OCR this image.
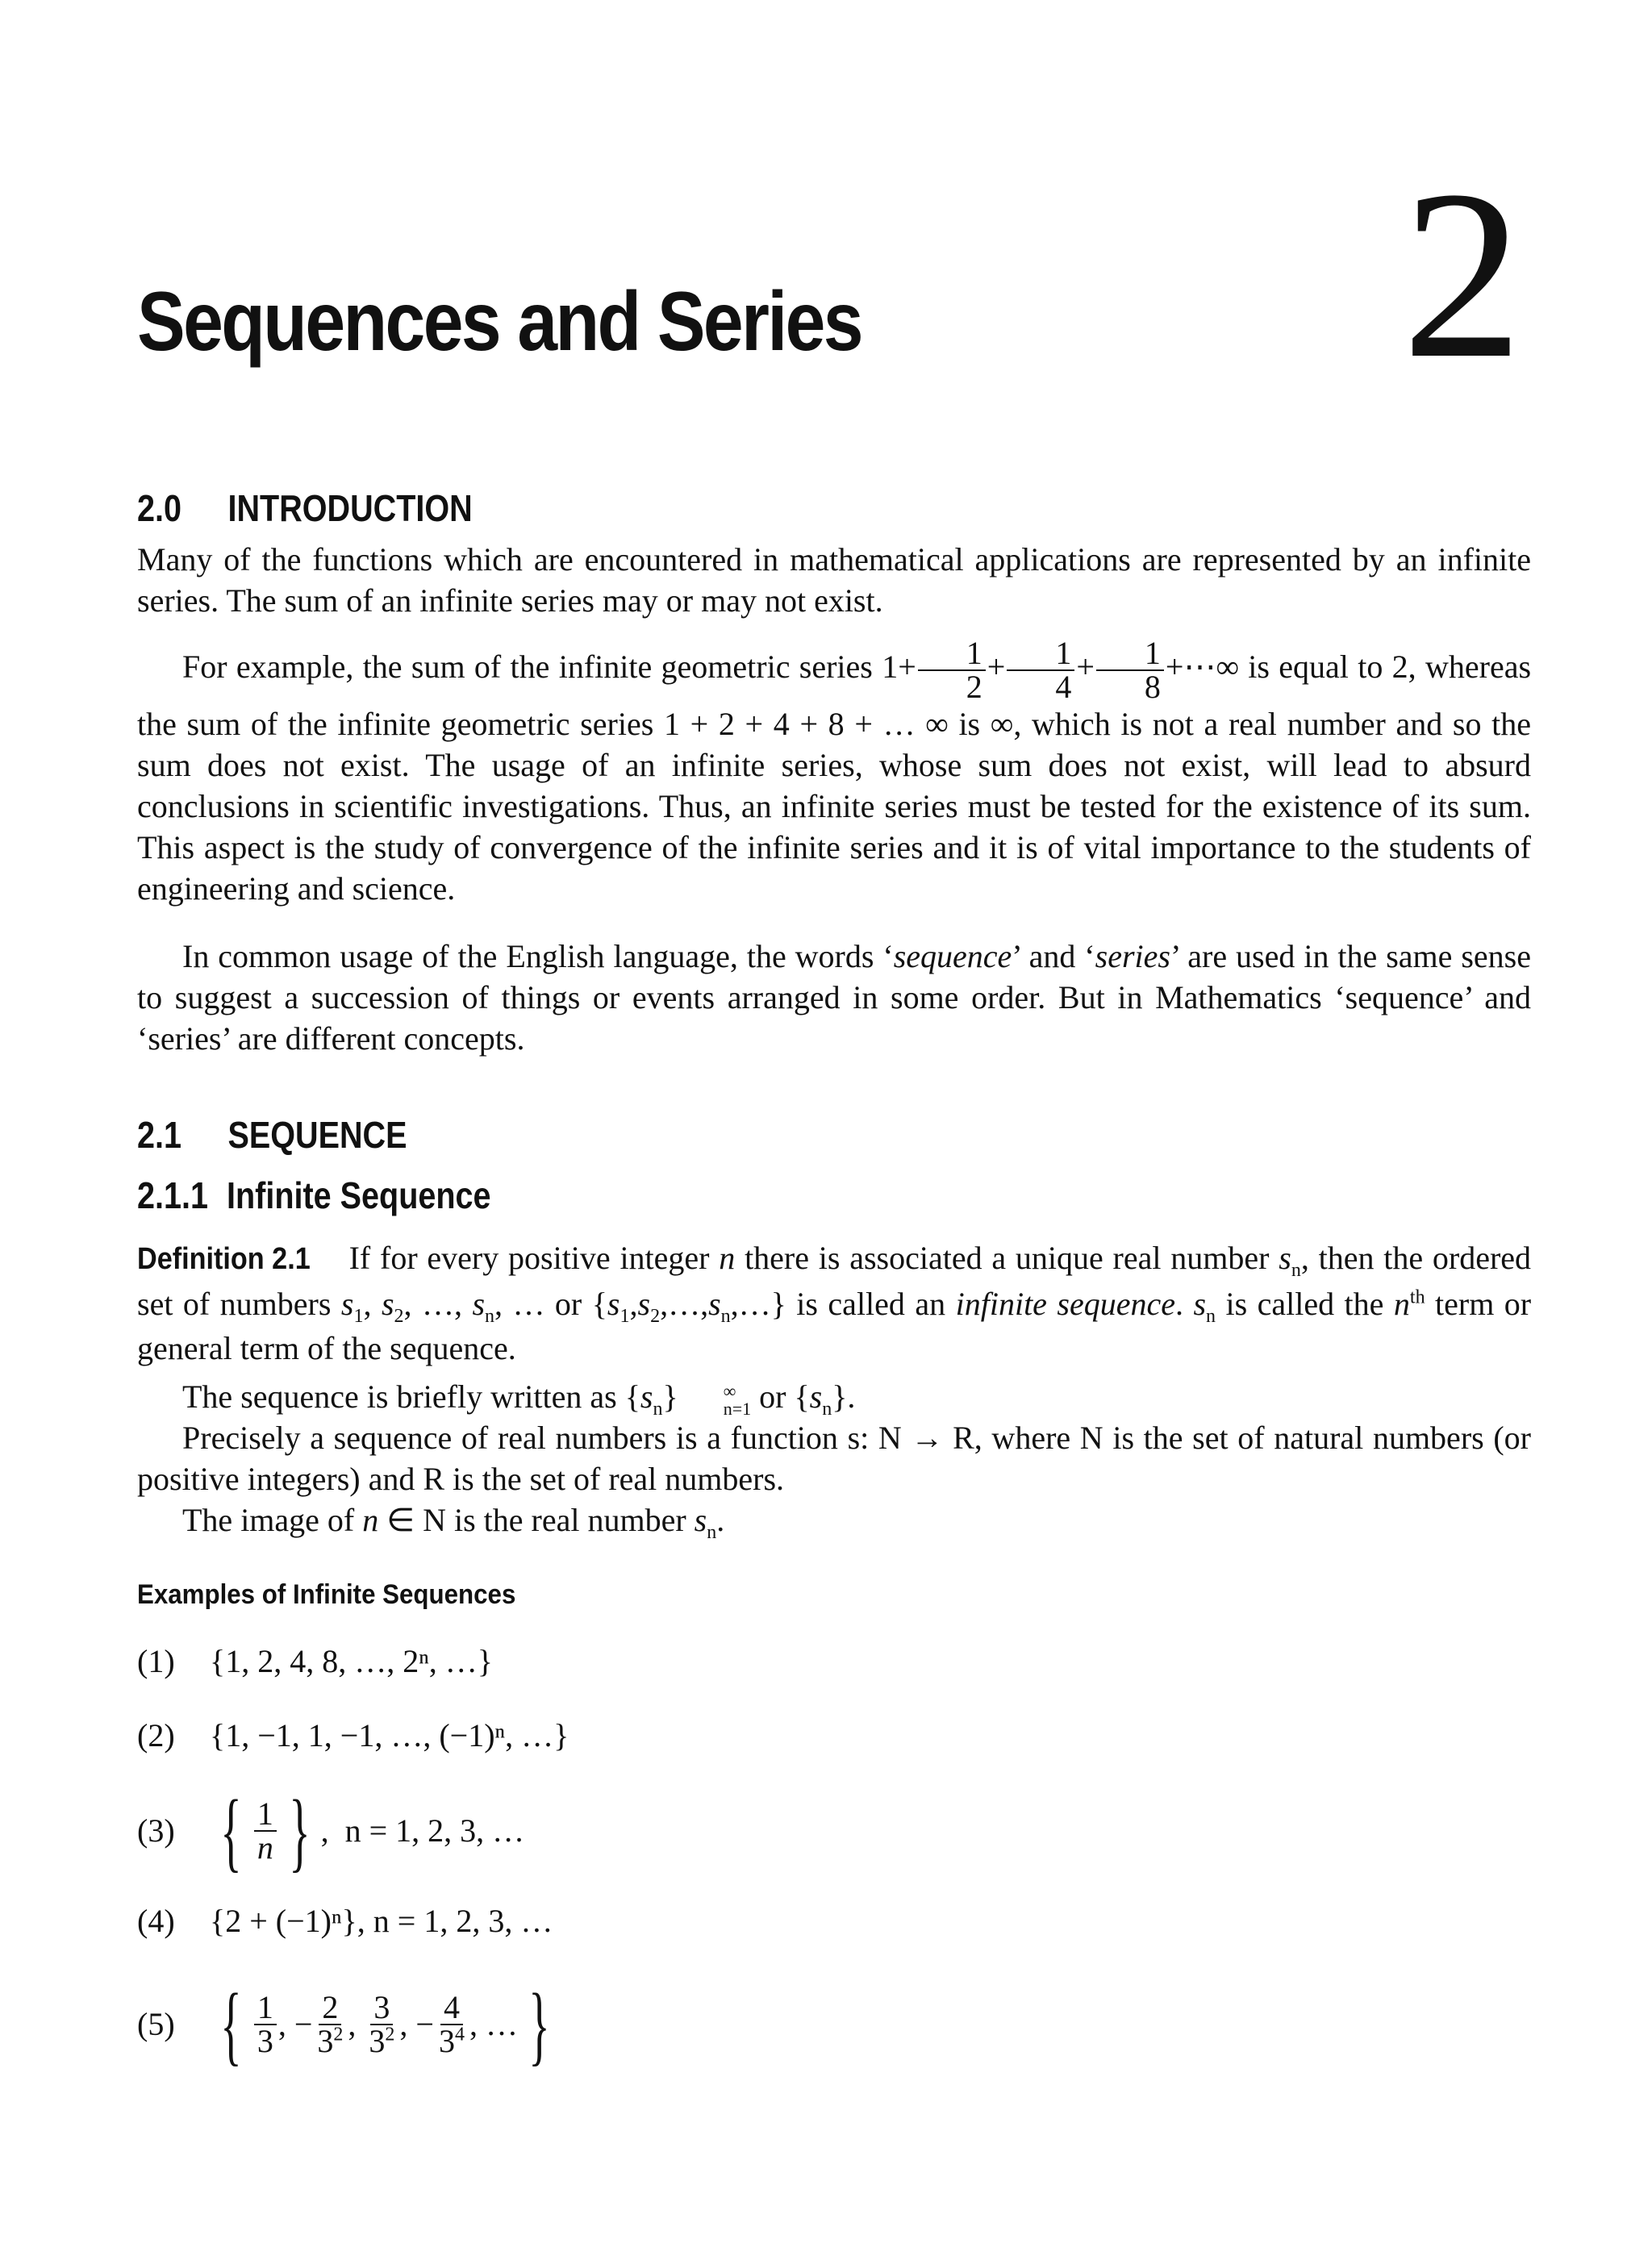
Sequences and Series 2
2.0 INTRODUCTION
Many of the functions which are encountered in mathematical applications are represented by an infinite series. The sum of an infinite series may or may not exist.
For example, the sum of the infinite geometric series $1+ \frac{1}{2} + \frac{1}{4} + \frac{1}{8}$ +⋯∞ is equal to 2, whereas the sum of the infinite geometric series 1 + 2 + 4 + 8 + … ∞ is ∞, which is not a real number and so the sum does not exist. The usage of an infinite series, whose sum does not exist, will lead to absurd conclusions in scientific investigations. Thus, an infinite series must be tested for the existence of its sum. This aspect is the study of convergence of the infinite series and it is of vital importance to the students of engineering and science.
In common usage of the English language, the words ‘sequence’ and ‘series’ are used in the same sense to suggest a succession of things or events arranged in some order. But in Mathematics ‘sequence’ and ‘series’ are different concepts.
2.1 SEQUENCE
2.1.1 Infinite Sequence
Definition 2.1 If for every positive integer n there is associated a unique real number $s_n$, then the ordered set of numbers $s_1$, $s_2$, …, $s_n$, … or $\{s_1,s_2,\dots,s_n,\dots\}$ is called an infinite sequence. $s_n$ is called the $n^{th}$ term or general term of the sequence.
The sequence is briefly written as $\{s_n\}$	∞
n=1 or $\{s_n\}$.
Precisely a sequence of real numbers is a function s: N → R, where N is the set of natural numbers (or positive integers) and R is the set of real numbers.
The image of n ∈ N is the real number $s_n$.
Examples of Infinite Sequences
(1)	{1, 2, 4, 8, …, 2ⁿ, …}
(2)	{1, −1, 1, −1, …, (−1)ⁿ, …}
(3) { $\frac{1}{n}$ } , n = 1, 2, 3, …
(4)	{2 + (−1)ⁿ}, n = 1, 2, 3, …
(5) { $\frac{1}{3}$ , − $\frac{2}{3^2}$ , $\frac{3}{3^2}$ , − $\frac{4}{3^4}$ , … }
